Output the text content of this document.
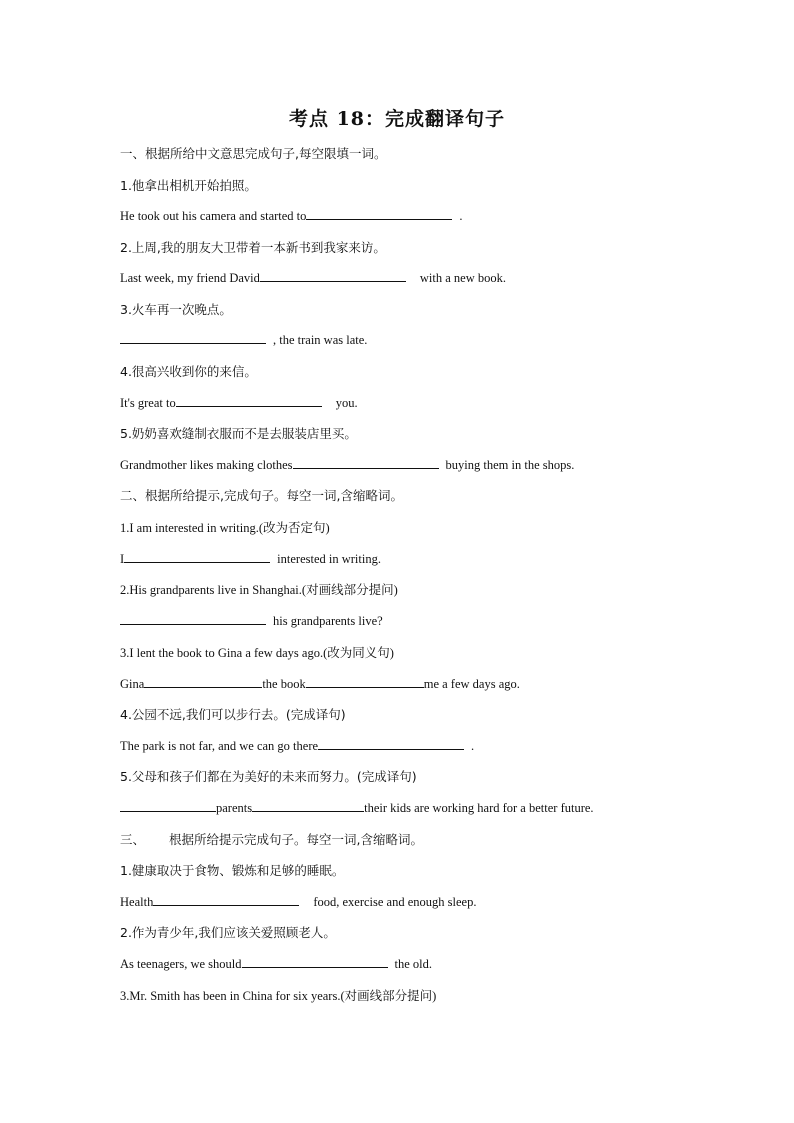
考点 18：完成翻译句子
一、根据所给中文意思完成句子,每空限填一词。
1.他拿出相机开始拍照。
He took out his camera and started to	.
2.上周,我的朋友大卫带着一本新书到我家来访。
Last week, my friend David	with a new book.
3.火车再一次晚点。
, the train was late.
4.很高兴收到你的来信。
It's great to	you.
5.奶奶喜欢缝制衣服而不是去服装店里买。
Grandmother likes making clothes	buying them in the shops.
二、根据所给提示,完成句子。每空一词,含缩略词。
1.I am interested in writing.(改为否定句)
I	interested in writing.
2.His grandparents live in Shanghai.(对画线部分提问)
his grandparents live?
3.I lent the book to Gina a few days ago.(改为同义句)
Gina	the book	me a few days ago.
4.公园不远,我们可以步行去。(完成译句)
The park is not far, and we can go there	.
5.父母和孩子们都在为美好的未来而努力。(完成译句)
parents	their kids are working hard for a better future.
三、 根据所给提示完成句子。每空一词,含缩略词。
1.健康取决于食物、锻炼和足够的睡眠。
Health	food, exercise and enough sleep.
2.作为青少年,我们应该关爱照顾老人。
As teenagers, we should	the old.
3.Mr. Smith has been in China for six years.(对画线部分提问)
